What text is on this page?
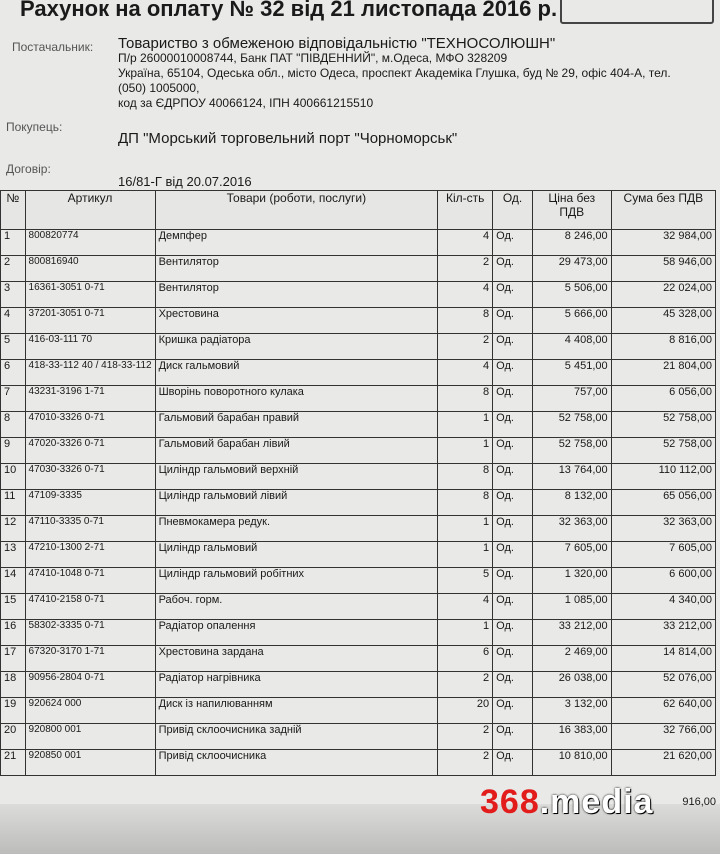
Рахунок на оплату № 32 від 21 листопада 2016 р.
Постачальник: Товариство з обмеженою відповідальністю "ТЕХНОСОЛЮШН"
П/р 26000010008744, Банк ПАТ "ПІВДЕННИЙ", м.Одеса, МФО 328209
Україна, 65104, Одеська обл., місто Одеса, проспект Академіка Глушка, буд № 29, офіс 404-А, тел.
(050) 1005000,
код за ЄДРПОУ 40066124, ІПН 400661215510
Покупець:
ДП "Морський торговельний порт "Чорноморськ"
Договір:
16/81-Г від 20.07.2016
№	Артикул	Товари (роботи, послуги)	Кіл-сть	Од.	Ціна без ПДВ	Сума без ПДВ
1	800820774	Демпфер	4	Од.	8 246,00	32 984,00
2	800816940	Вентилятор	2	Од.	29 473,00	58 946,00
3	16361-3051 0-71	Вентилятор	4	Од.	5 506,00	22 024,00
4	37201-3051 0-71	Хрестовина	8	Од.	5 666,00	45 328,00
5	416-03-111 70	Кришка радіатора	2	Од.	4 408,00	8 816,00
6	418-33-112 40 / 418-33-112	Диск гальмовий	4	Од.	5 451,00	21 804,00
7	43231-3196 1-71	Шворінь поворотного кулака	8	Од.	757,00	6 056,00
8	47010-3326 0-71	Гальмовий барабан правий	1	Од.	52 758,00	52 758,00
9	47020-3326 0-71	Гальмовий барабан лівий	1	Од.	52 758,00	52 758,00
10	47030-3326 0-71	Циліндр гальмовий верхній	8	Од.	13 764,00	110 112,00
11	47109-3335	Циліндр гальмовий лівий	8	Од.	8 132,00	65 056,00
12	47110-3335 0-71	Пневмокамера редук.	1	Од.	32 363,00	32 363,00
13	47210-1300 2-71	Циліндр гальмовий	1	Од.	7 605,00	7 605,00
14	47410-1048 0-71	Циліндр гальмовий робітних	5	Од.	1 320,00	6 600,00
15	47410-2158 0-71	Рабоч. горм.	4	Од.	1 085,00	4 340,00
16	58302-3335 0-71	Радіатор опалення	1	Од.	33 212,00	33 212,00
17	67320-3170 1-71	Хрестовина зардана	6	Од.	2 469,00	14 814,00
18	90956-2804 0-71	Радіатор нагрівника	2	Од.	26 038,00	52 076,00
19	920624 000	Диск із напилюванням	20	Од.	3 132,00	62 640,00
20	920800 001	Привід склоочисника задній	2	Од.	16 383,00	32 766,00
21	920850 001	Привід склоочисника	2	Од.	10 810,00	21 620,00
916,00
368.media
